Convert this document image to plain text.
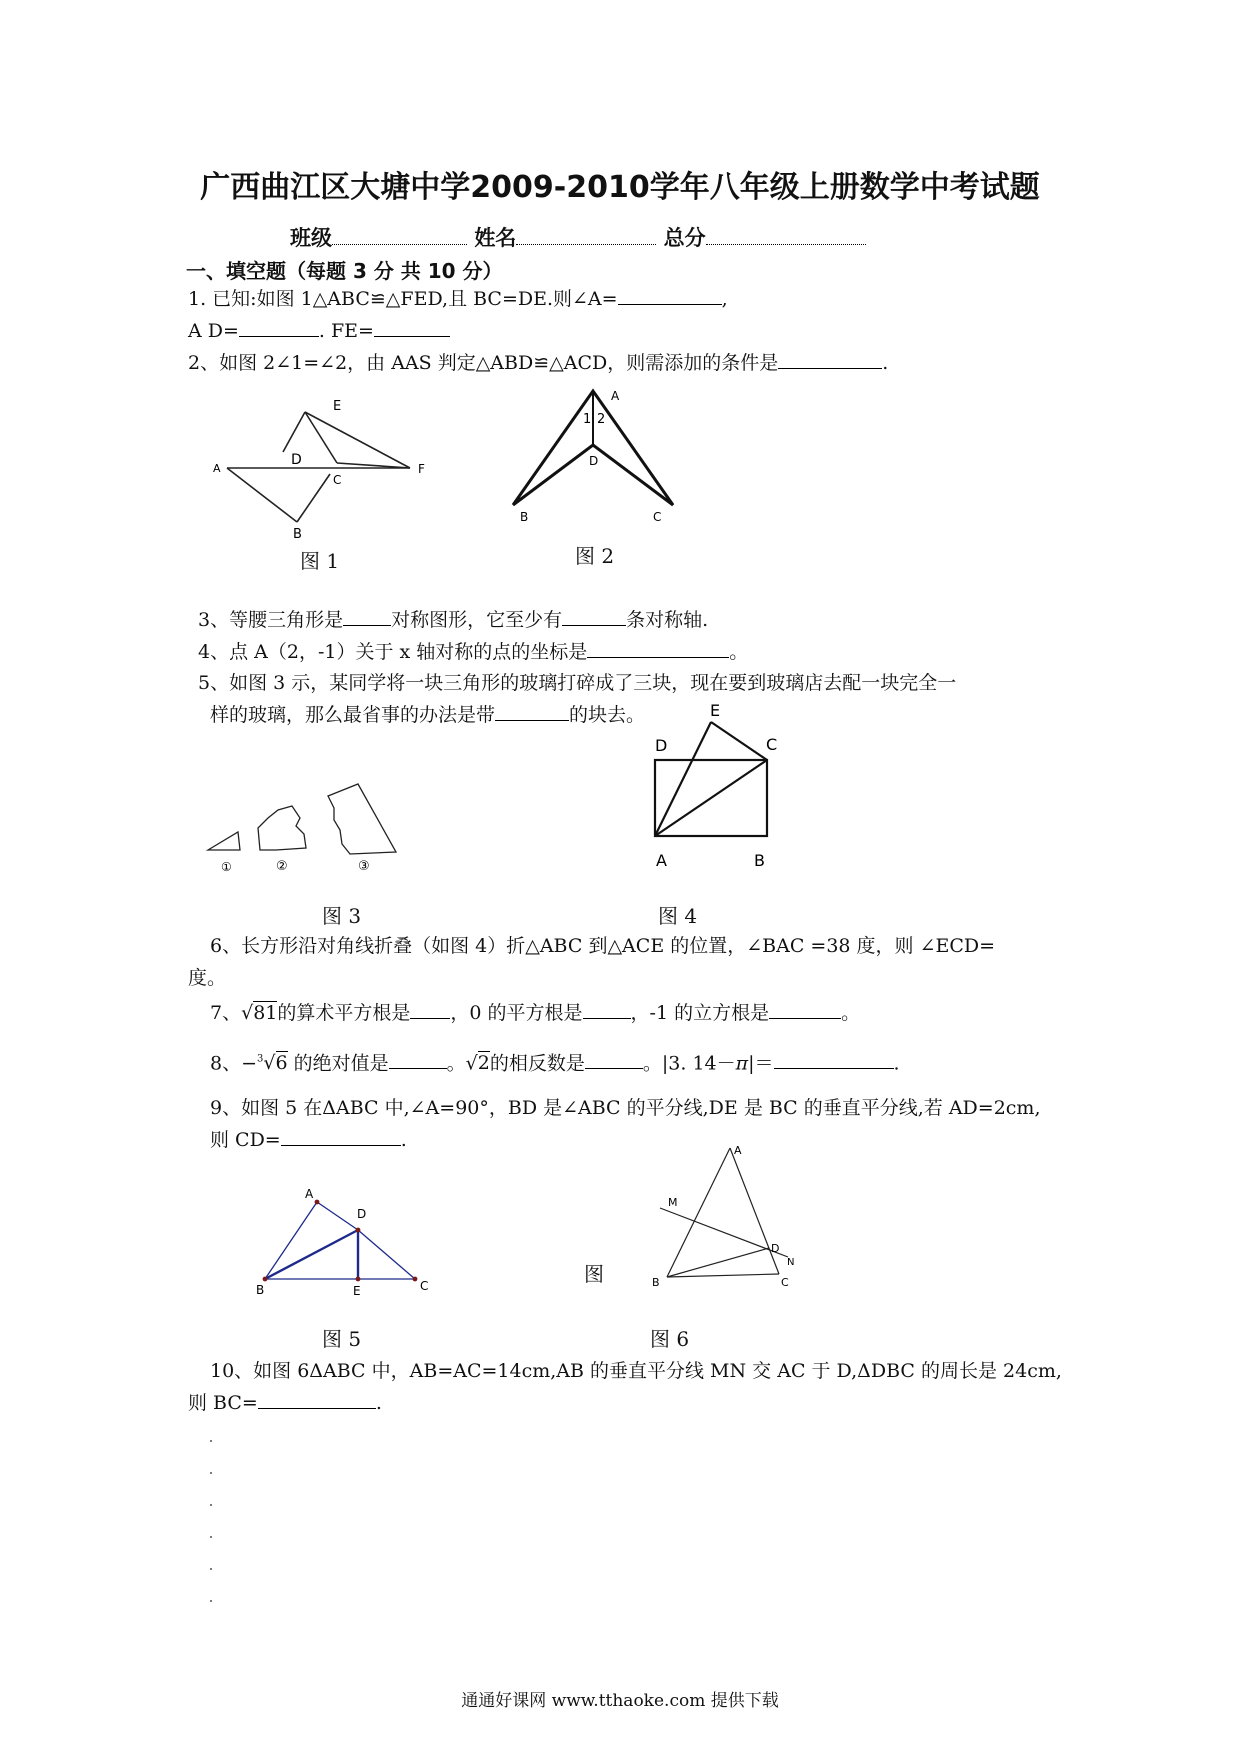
广西曲江区大塘中学2009-2010学年八年级上册数学中考试题
班级	姓名	总分
一、填空题（每题 3 分 共 10 分）
1. 已知:如图 1△ABC≌△FED,且 BC=DE.则∠A=	,
A D=	. FE=
2、如图 2∠1=∠2，由 AAS 判定△ABD≌△ACD，则需添加的条件是	.
E
A
D
C
F
B
图 1
A
1 2
D
B	C
图 2
3、等腰三角形是	对称图形，它至少有	条对称轴.
4、点 A（2，-1）关于 x 轴对称的点的坐标是	。
5、如图 3 示，某同学将一块三角形的玻璃打碎成了三块，现在要到玻璃店去配一块完全一
样的玻璃，那么最省事的办法是带	的块去。
①	②	③
图 3
E
D	C
A	B
图 4
6、长方形沿对角线折叠（如图 4）折△ABC 到△ACE 的位置，∠BAC =38 度，则 ∠ECD=
度。
7、√81的算术平方根是 ，0 的平方根是	，-1 的立方根是	。
8、−$^3$√6 的绝对值是	。√2的相反数是	。|3. 14－π|＝	.
9、如图 5 在ΔABC 中,∠A=90°，BD 是∠ABC 的平分线,DE 是 BC 的垂直平分线,若 AD=2cm,
则 CD=	.
A
D
B	E	C
图 5
图
A
M
D
N
B	C
图 6
10、如图 6ΔABC 中，AB=AC=14cm,AB 的垂直平分线 MN 交 AC 于 D,ΔDBC 的周长是 24cm,
则 BC=	.
通通好课网 www.tthaoke.com 提供下载
